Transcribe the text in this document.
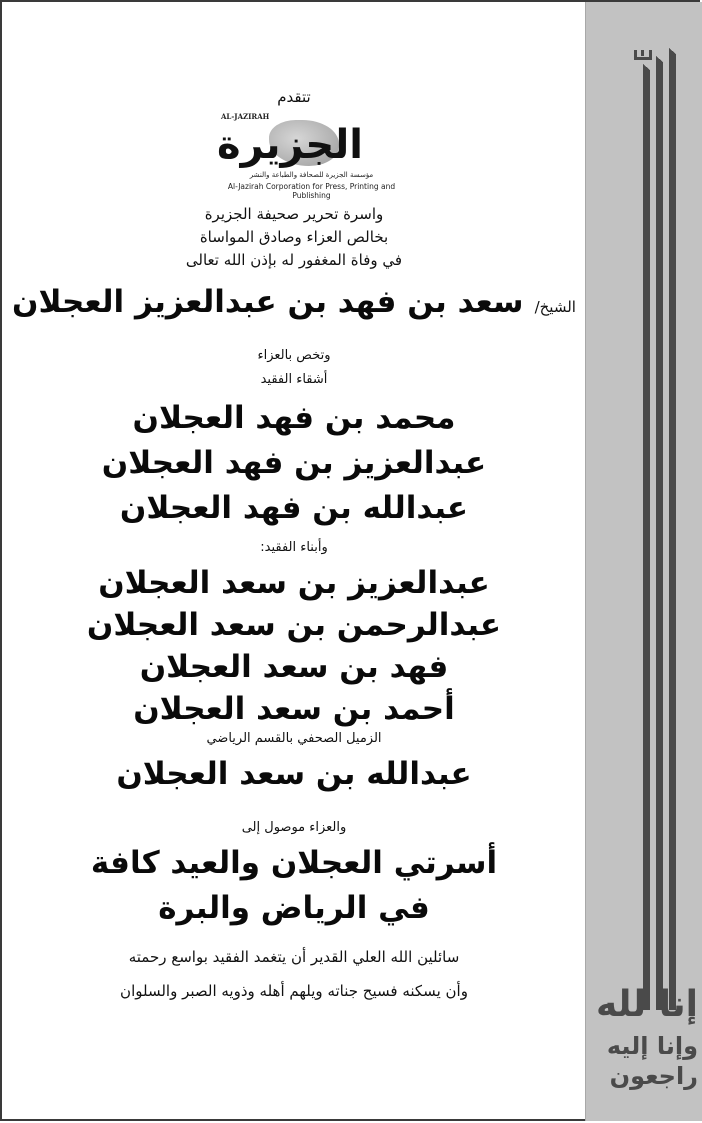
تتقدم
AL-JAZIRAH
الجزيرة
مؤسسة الجزيرة للصحافة والطباعة والنشر
Al-Jazirah Corporation for Press, Printing and Publishing
واسرة تحرير صحيفة الجزيرة
بخالص العزاء وصادق المواساة
في وفاة المغفور له بإذن الله تعالى
الشيخ/ سعد بن فهد بن عبدالعزيز العجلان
وتخص بالعزاء
أشقاء الفقيد
محمد بن فهد العجلان
عبدالعزيز بن فهد العجلان
عبدالله بن فهد العجلان
وأبناء الفقيد:
عبدالعزيز بن سعد العجلان
عبدالرحمن بن سعد العجلان
فهد بن سعد العجلان
أحمد بن سعد العجلان
الزميل الصحفي بالقسم الرياضي
عبدالله بن سعد العجلان
والعزاء موصول إلى
أسرتي العجلان والعيد كافة
في الرياض والبرة
سائلين الله العلي القدير أن يتغمد الفقيد بواسع رحمته
وأن يسكنه فسيح جناته ويلهم أهله وذويه الصبر والسلوان	إنا لله
وإنا إليه
راجعون
